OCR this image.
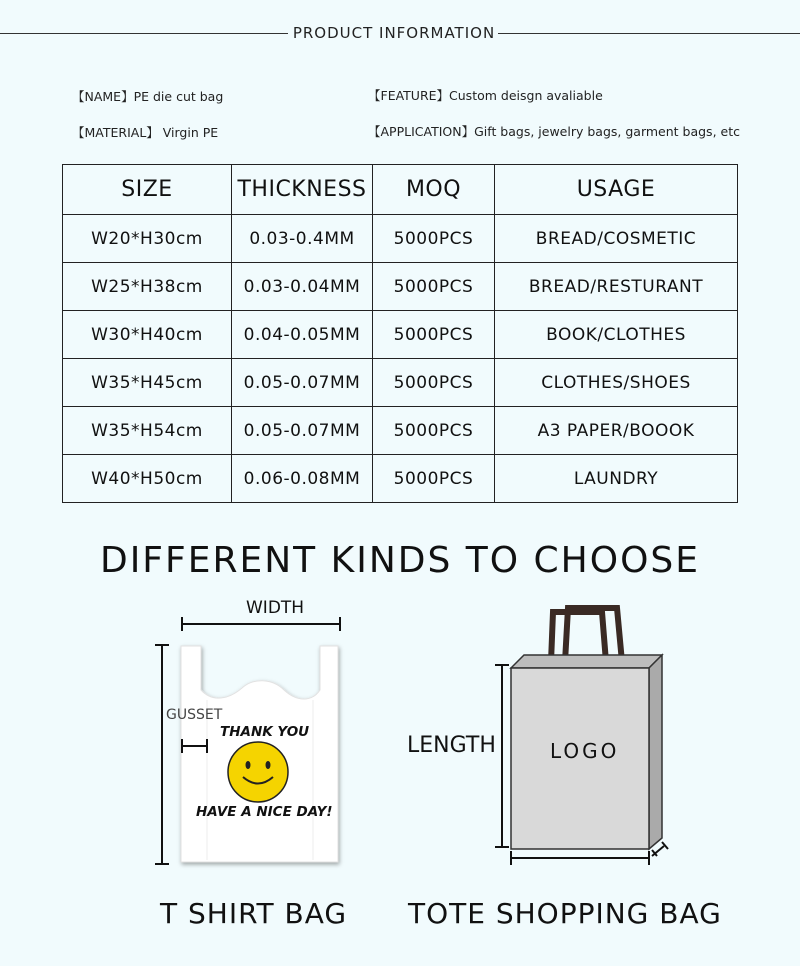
PRODUCT INFORMATION
【NAME】PE die cut bag
【MATERIAL】 Virgin PE
【FEATURE】Custom deisgn avaliable
【APPLICATION】Gift bags, jewelry bags, garment bags, etc
SIZE	THICKNESS	MOQ	USAGE
W20*H30cm	0.03-0.4MM	5000PCS	BREAD/COSMETIC
W25*H38cm	0.03-0.04MM	5000PCS	BREAD/RESTURANT
W30*H40cm	0.04-0.05MM	5000PCS	BOOK/CLOTHES
W35*H45cm	0.05-0.07MM	5000PCS	CLOTHES/SHOES
W35*H54cm	0.05-0.07MM	5000PCS	A3 PAPER/BOOOK
W40*H50cm	0.06-0.08MM	5000PCS	LAUNDRY
DIFFERENT KINDS TO CHOOSE
WIDTH
GUSSET
THANK YOU
HAVE A NICE DAY!
LENGTH	LOGO
T SHIRT BAG TOTE SHOPPING BAG
